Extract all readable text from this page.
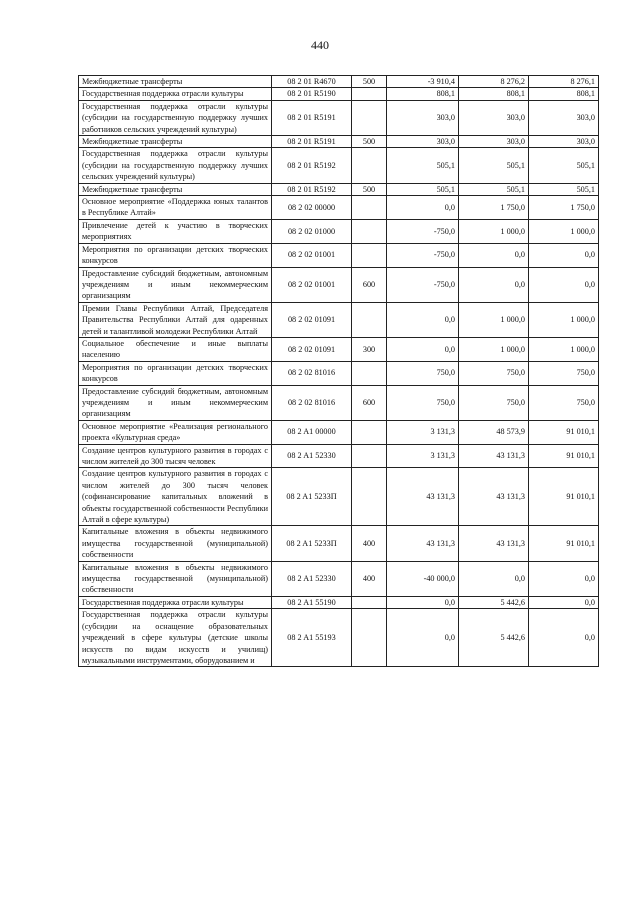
440
Межбюджетные трансферты	08 2 01 R4670	500	-3 910,4	8 276,2	8 276,1
Государственная поддержка отрасли культуры	08 2 01 R5190		808,1	808,1	808,1
Государственная поддержка отрасли культуры (субсидии на государственную поддержку лучших работников сельских учреждений культуры)	08 2 01 R5191		303,0	303,0	303,0
Межбюджетные трансферты	08 2 01 R5191	500	303,0	303,0	303,0
Государственная поддержка отрасли культуры (субсидии на государственную поддержку лучших сельских учреждений культуры)	08 2 01 R5192		505,1	505,1	505,1
Межбюджетные трансферты	08 2 01 R5192	500	505,1	505,1	505,1
Основное мероприятие «Поддержка юных талантов в Республике Алтай»	08 2 02 00000		0,0	1 750,0	1 750,0
Привлечение детей к участию в творческих мероприятиях	08 2 02 01000		-750,0	1 000,0	1 000,0
Мероприятия по организации детских творческих конкурсов	08 2 02 01001		-750,0	0,0	0,0
Предоставление субсидий бюджетным, автономным учреждениям и иным некоммерческим организациям	08 2 02 01001	600	-750,0	0,0	0,0
Премии Главы Республики Алтай, Председателя Правительства Республики Алтай для одаренных детей и талантливой молодежи Республики Алтай	08 2 02 01091		0,0	1 000,0	1 000,0
Социальное обеспечение и иные выплаты населению	08 2 02 01091	300	0,0	1 000,0	1 000,0
Мероприятия по организации детских творческих конкурсов	08 2 02 81016		750,0	750,0	750,0
Предоставление субсидий бюджетным, автономным учреждениям и иным некоммерческим организациям	08 2 02 81016	600	750,0	750,0	750,0
Основное мероприятие «Реализация регионального проекта «Культурная среда»	08 2 A1 00000		3 131,3	48 573,9	91 010,1
Создание центров культурного развития в городах с числом жителей до 300 тысяч человек	08 2 A1 52330		3 131,3	43 131,3	91 010,1
Создание центров культурного развития в городах с числом жителей до 300 тысяч человек (софинансирование капитальных вложений в объекты государственной собственности Республики Алтай в сфере культуры)	08 2 A1 5233П		43 131,3	43 131,3	91 010,1
Капитальные вложения в объекты недвижимого имущества государственной (муниципальной) собственности	08 2 A1 5233П	400	43 131,3	43 131,3	91 010,1
Капитальные вложения в объекты недвижимого имущества государственной (муниципальной) собственности	08 2 A1 52330	400	-40 000,0	0,0	0,0
Государственная поддержка отрасли культуры	08 2 A1 55190		0,0	5 442,6	0,0
Государственная поддержка отрасли культуры (субсидии на оснащение образовательных учреждений в сфере культуры (детские школы искусств по видам искусств и училищ) музыкальными инструментами, оборудованием и	08 2 A1 55193		0,0	5 442,6	0,0
